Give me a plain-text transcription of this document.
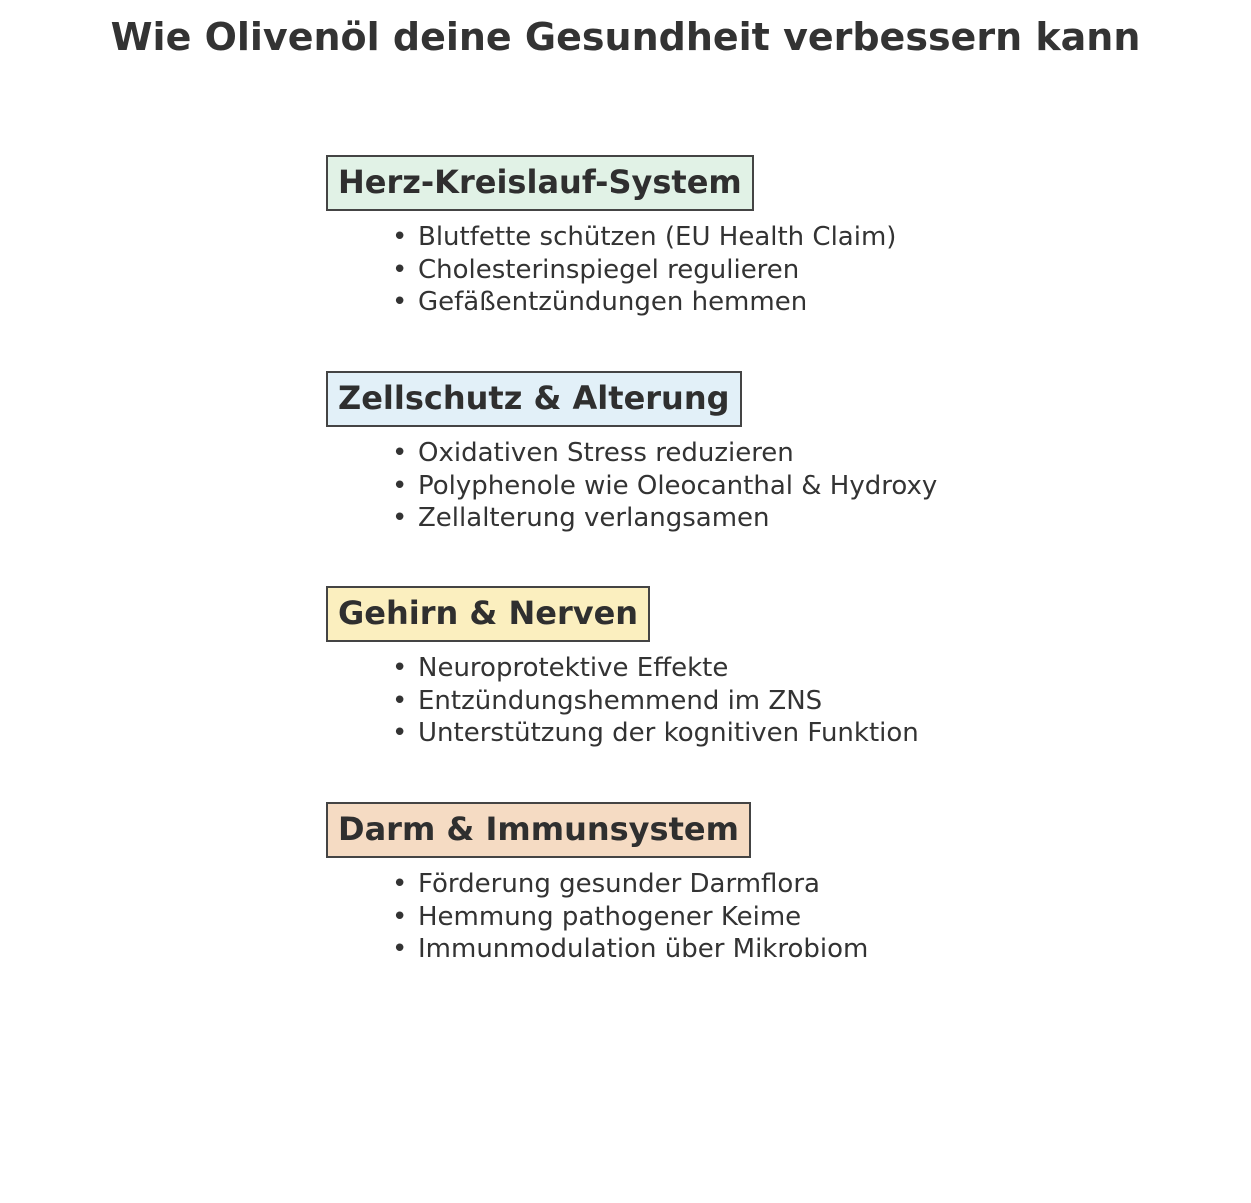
Wie Olivenöl deine Gesundheit verbessern kann
Herz-Kreislauf-System
• Blutfette schützen (EU Health Claim)
• Cholesterinspiegel regulieren
• Gefäßentzündungen hemmen
Zellschutz & Alterung
• Oxidativen Stress reduzieren
• Polyphenole wie Oleocanthal & Hydroxy
• Zellalterung verlangsamen
Gehirn & Nerven
• Neuroprotektive Effekte
• Entzündungshemmend im ZNS
• Unterstützung der kognitiven Funktion
Darm & Immunsystem
• Förderung gesunder Darmflora
• Hemmung pathogener Keime
• Immunmodulation über Mikrobiom
